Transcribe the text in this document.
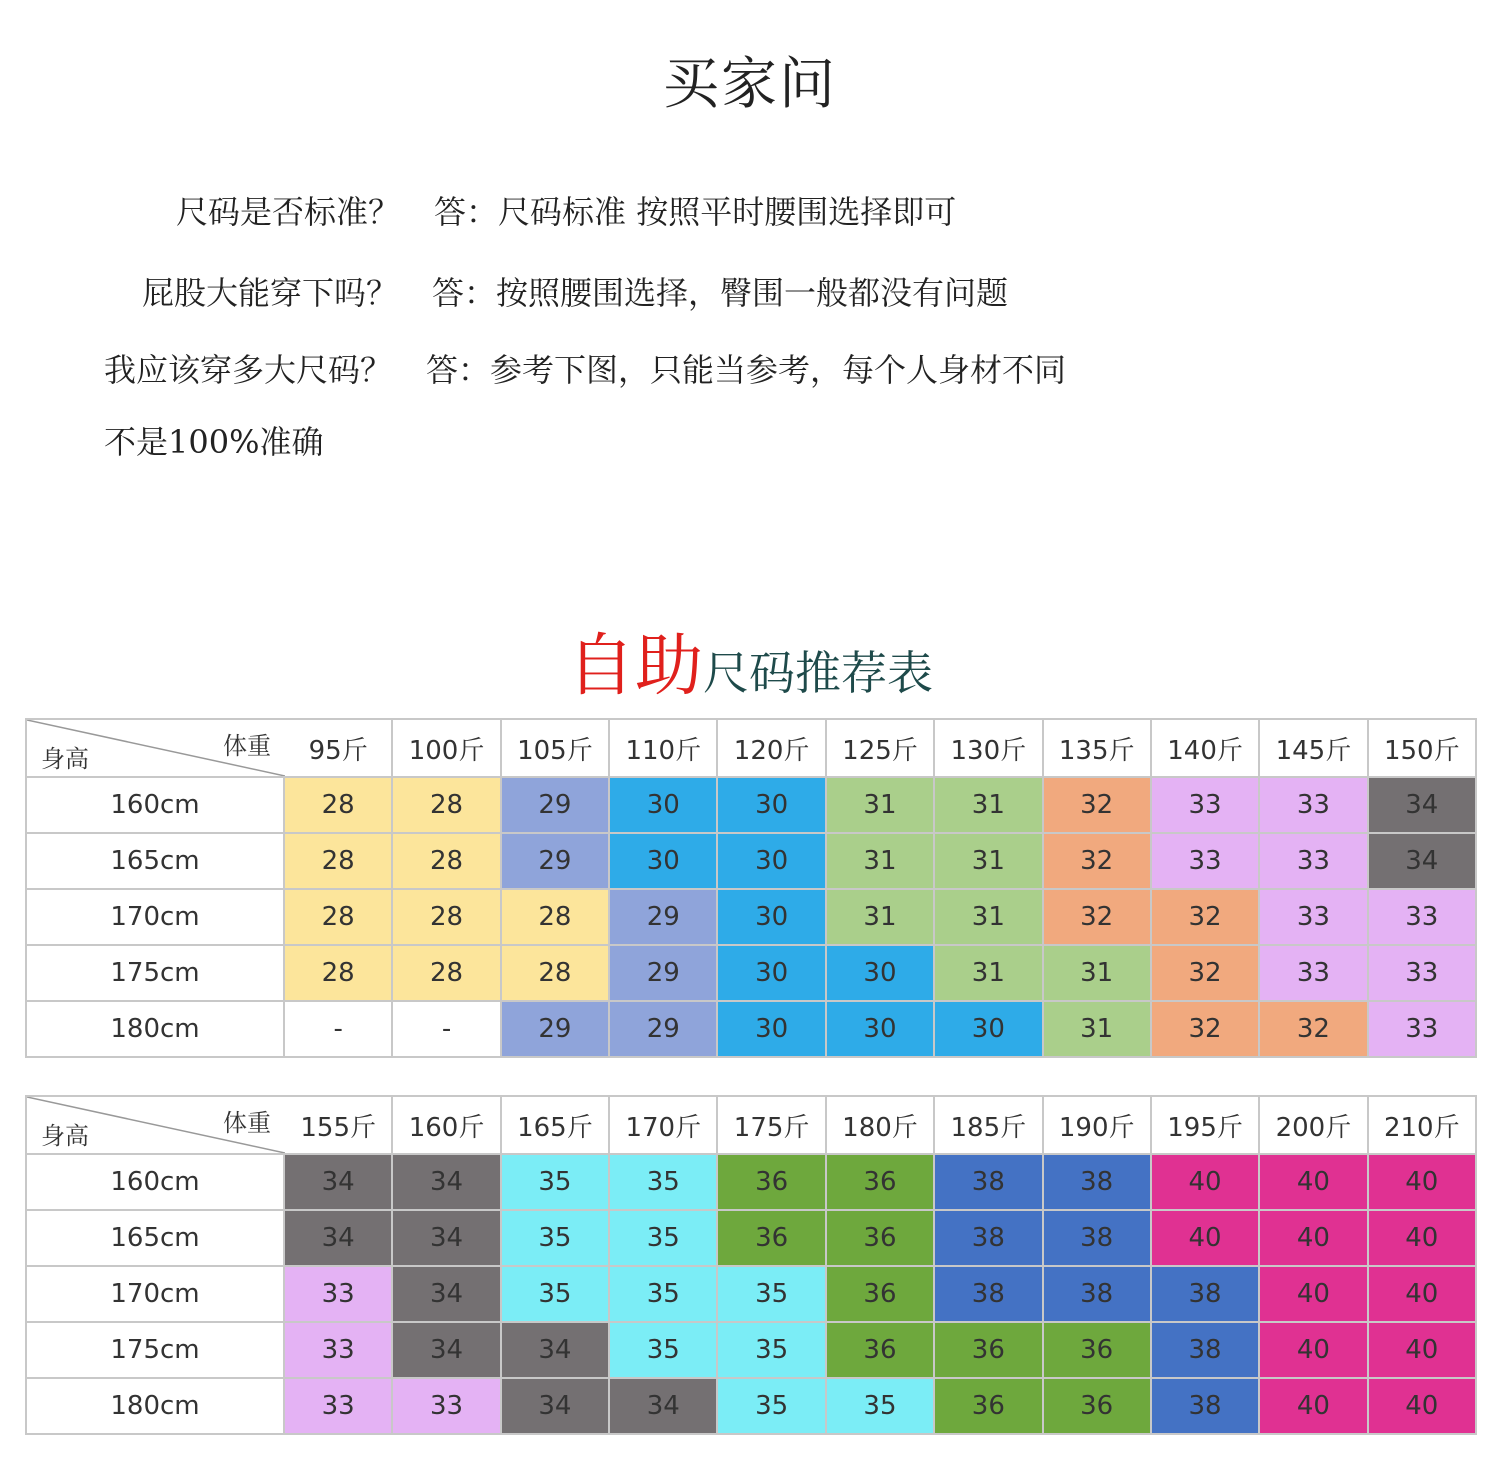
买家问
尺码是否标准？ 答：尺码标准 按照平时腰围选择即可
屁股大能穿下吗？ 答：按照腰围选择，臀围一般都没有问题
我应该穿多大尺码？ 答：参考下图，只能当参考，每个人身材不同
不是100%准确
自助尺码推荐表
体重
身高	95斤	100斤	105斤	110斤	120斤	125斤	130斤	135斤	140斤	145斤	150斤
160cm	28	28	29	30	30	31	31	32	33	33	34
165cm	28	28	29	30	30	31	31	32	33	33	34
170cm	28	28	28	29	30	31	31	32	32	33	33
175cm	28	28	28	29	30	30	31	31	32	33	33
180cm	-	-	29	29	30	30	30	31	32	32	33
体重
身高	155斤	160斤	165斤	170斤	175斤	180斤	185斤	190斤	195斤	200斤	210斤
160cm	34	34	35	35	36	36	38	38	40	40	40
165cm	34	34	35	35	36	36	38	38	40	40	40
170cm	33	34	35	35	35	36	38	38	38	40	40
175cm	33	34	34	35	35	36	36	36	38	40	40
180cm	33	33	34	34	35	35	36	36	38	40	40
